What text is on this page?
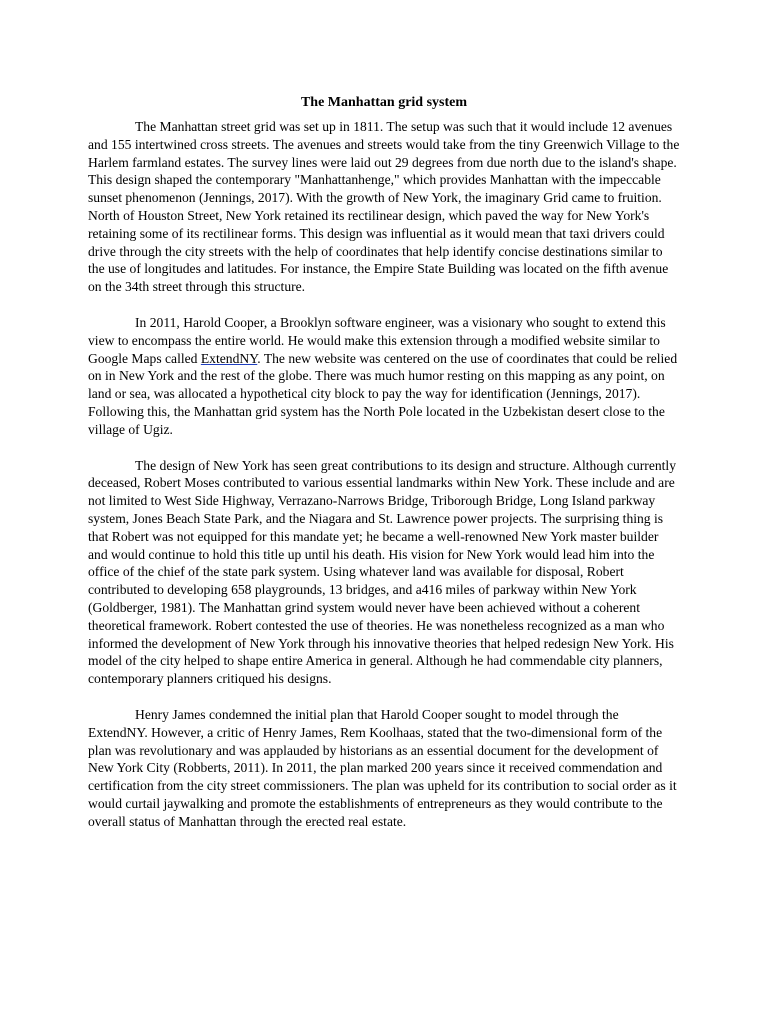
The Manhattan grid system

The Manhattan street grid was set up in 1811. The setup was such that it would include 12 avenues and 155 intertwined cross streets. The avenues and streets would take from the tiny Greenwich Village to the Harlem farmland estates. The survey lines were laid out 29 degrees from due north due to the island's shape. This design shaped the contemporary "Manhattanhenge," which provides Manhattan with the impeccable sunset phenomenon (Jennings, 2017). With the growth of New York, the imaginary Grid came to fruition. North of Houston Street, New York retained its rectilinear design, which paved the way for New York's retaining some of its rectilinear forms. This design was influential as it would mean that taxi drivers could drive through the city streets with the help of coordinates that help identify concise destinations similar to the use of longitudes and latitudes. For instance, the Empire State Building was located on the fifth avenue on the 34th street through this structure.

In 2011, Harold Cooper, a Brooklyn software engineer, was a visionary who sought to extend this view to encompass the entire world. He would make this extension through a modified website similar to Google Maps called ExtendNY. The new website was centered on the use of coordinates that could be relied on in New York and the rest of the globe. There was much humor resting on this mapping as any point, on land or sea, was allocated a hypothetical city block to pay the way for identification (Jennings, 2017). Following this, the Manhattan grid system has the North Pole located in the Uzbekistan desert close to the village of Ugiz.

The design of New York has seen great contributions to its design and structure. Although currently deceased, Robert Moses contributed to various essential landmarks within New York. These include and are not limited to West Side Highway, Verrazano-Narrows Bridge, Triborough Bridge, Long Island parkway system, Jones Beach State Park, and the Niagara and St. Lawrence power projects. The surprising thing is that Robert was not equipped for this mandate yet; he became a well-renowned New York master builder and would continue to hold this title up until his death. His vision for New York would lead him into the office of the chief of the state park system. Using whatever land was available for disposal, Robert contributed to developing 658 playgrounds, 13 bridges, and a416 miles of parkway within New York (Goldberger, 1981). The Manhattan grind system would never have been achieved without a coherent theoretical framework. Robert contested the use of theories. He was nonetheless recognized as a man who informed the development of New York through his innovative theories that helped redesign New York. His model of the city helped to shape entire America in general. Although he had commendable city planners, contemporary planners critiqued his designs.

Henry James condemned the initial plan that Harold Cooper sought to model through the ExtendNY. However, a critic of Henry James, Rem Koolhaas, stated that the two-dimensional form of the plan was revolutionary and was applauded by historians as an essential document for the development of New York City (Robberts, 2011). In 2011, the plan marked 200 years since it received commendation and certification from the city street commissioners. The plan was upheld for its contribution to social order as it would curtail jaywalking and promote the establishments of entrepreneurs as they would contribute to the overall status of Manhattan through the erected real estate.
